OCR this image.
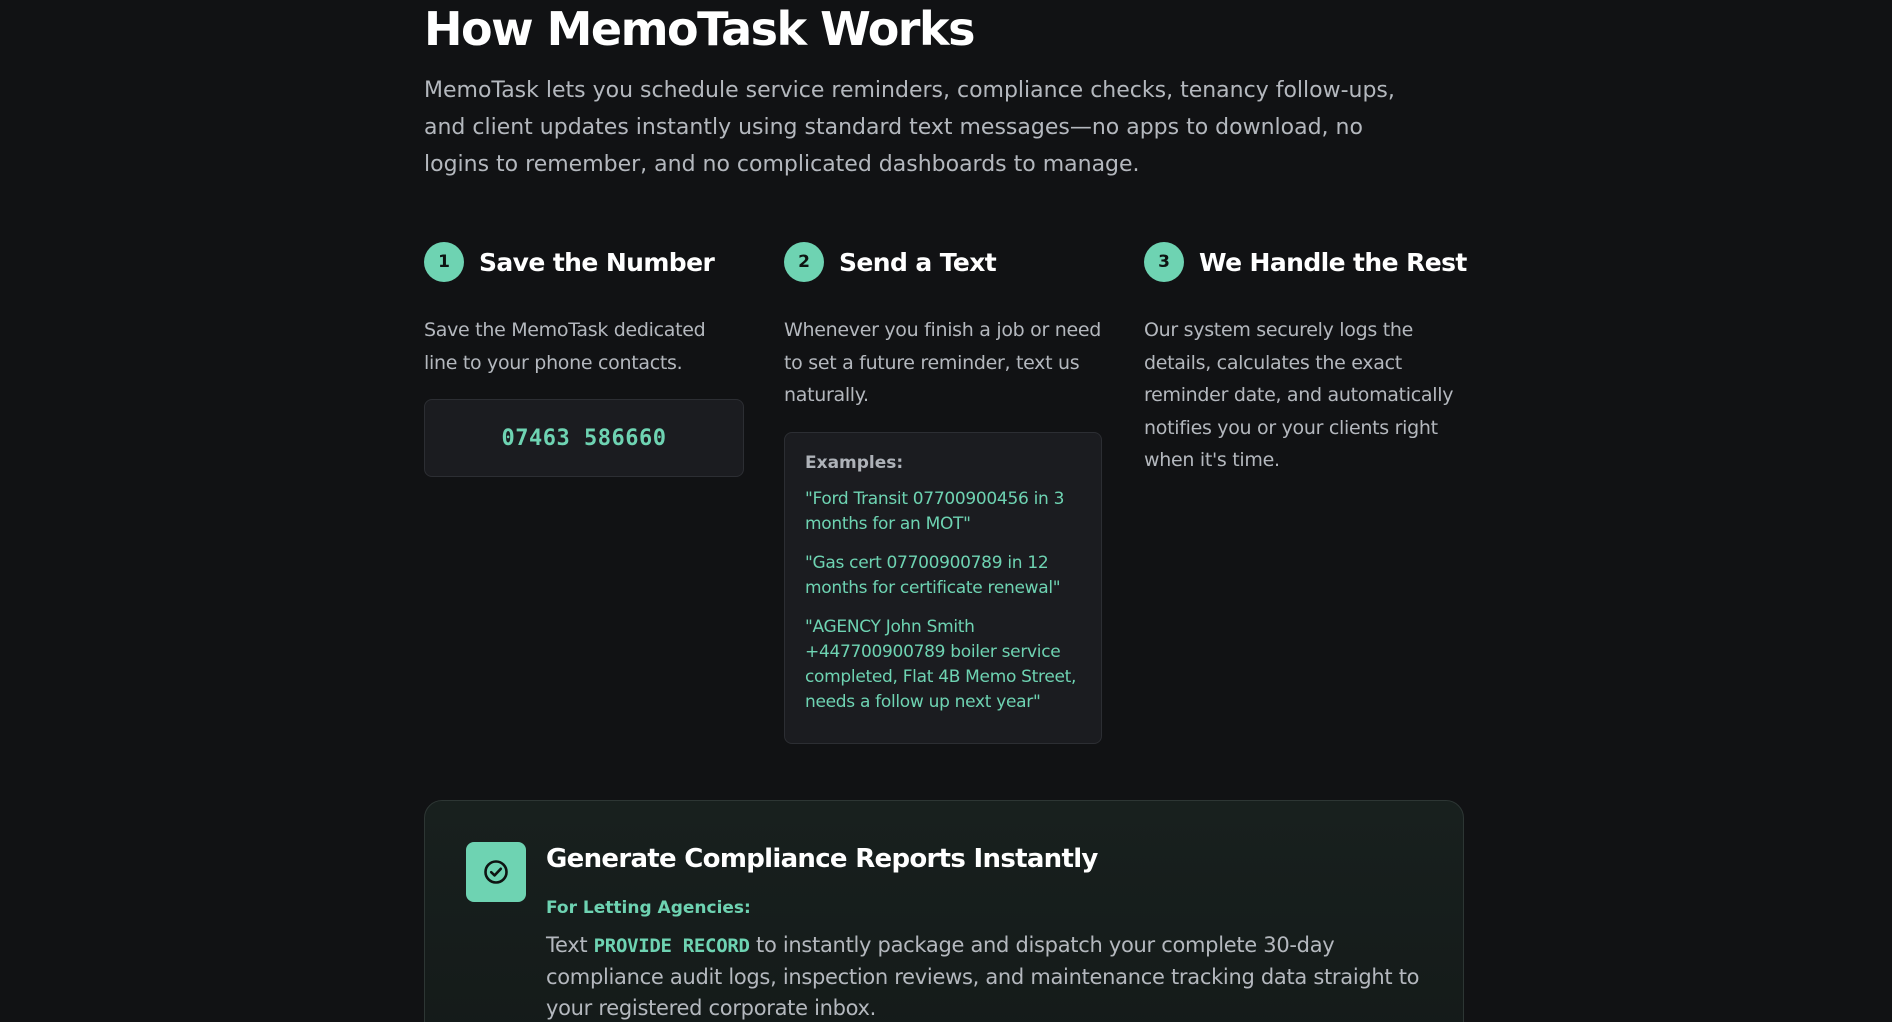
How MemoTask Works

MemoTask lets you schedule service reminders, compliance checks, tenancy follow-ups, and client updates instantly using standard text messages—no apps to download, no logins to remember, and no complicated dashboards to manage.

1	Save the Number
Save the MemoTask dedicated line to your phone contacts.
07463 586660
2	Send a Text
Whenever you finish a job or need to set a future reminder, text us naturally.
Examples:
"Ford Transit 07700900456 in 3 months for an MOT"
"Gas cert 07700900789 in 12 months for certificate renewal"
"AGENCY John Smith +447700900789 boiler service completed, Flat 4B Memo Street, needs a follow up next year"
3	We Handle the Rest
Our system securely logs the details, calculates the exact reminder date, and automatically notifies you or your clients right when it's time.
Generate Compliance Reports Instantly
For Letting Agencies:
Text PROVIDE RECORD to instantly package and dispatch your complete 30-day compliance audit logs, inspection reviews, and maintenance tracking data straight to your registered corporate inbox.
